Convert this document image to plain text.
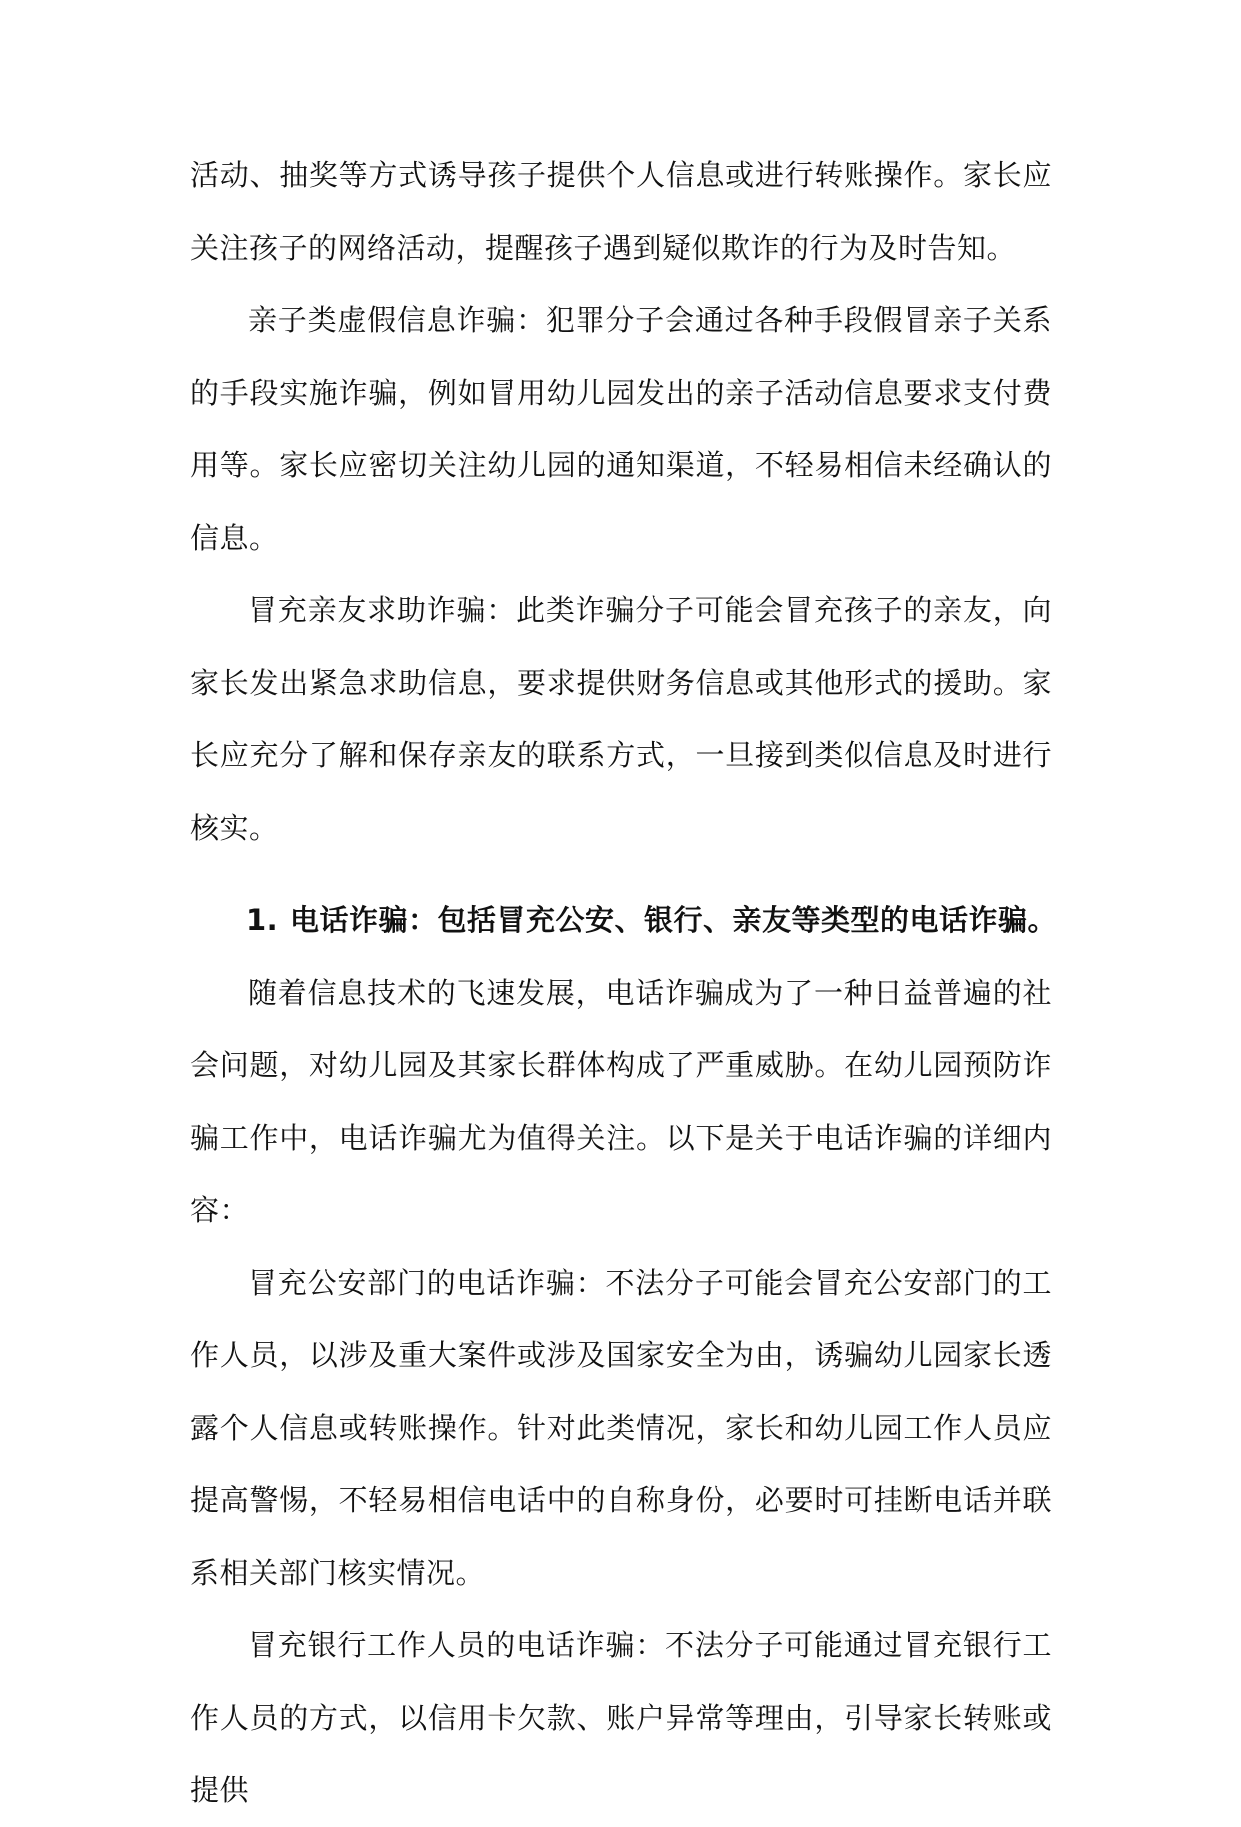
活动、抽奖等方式诱导孩子提供个人信息或进行转账操作。家长应关注孩子的网络活动，提醒孩子遇到疑似欺诈的行为及时告知。

亲子类虚假信息诈骗：犯罪分子会通过各种手段假冒亲子关系的手段实施诈骗，例如冒用幼儿园发出的亲子活动信息要求支付费用等。家长应密切关注幼儿园的通知渠道，不轻易相信未经确认的信息。

冒充亲友求助诈骗：此类诈骗分子可能会冒充孩子的亲友，向家长发出紧急求助信息，要求提供财务信息或其他形式的援助。家长应充分了解和保存亲友的联系方式，一旦接到类似信息及时进行核实。

1. 电话诈骗：包括冒充公安、银行、亲友等类型的电话诈骗。

随着信息技术的飞速发展，电话诈骗成为了一种日益普遍的社会问题，对幼儿园及其家长群体构成了严重威胁。在幼儿园预防诈骗工作中，电话诈骗尤为值得关注。以下是关于电话诈骗的详细内容：

冒充公安部门的电话诈骗：不法分子可能会冒充公安部门的工作人员，以涉及重大案件或涉及国家安全为由，诱骗幼儿园家长透露个人信息或转账操作。针对此类情况，家长和幼儿园工作人员应提高警惕，不轻易相信电话中的自称身份，必要时可挂断电话并联系相关部门核实情况。

冒充银行工作人员的电话诈骗：不法分子可能通过冒充银行工作人员的方式，以信用卡欠款、账户异常等理由，引导家长转账或提供
